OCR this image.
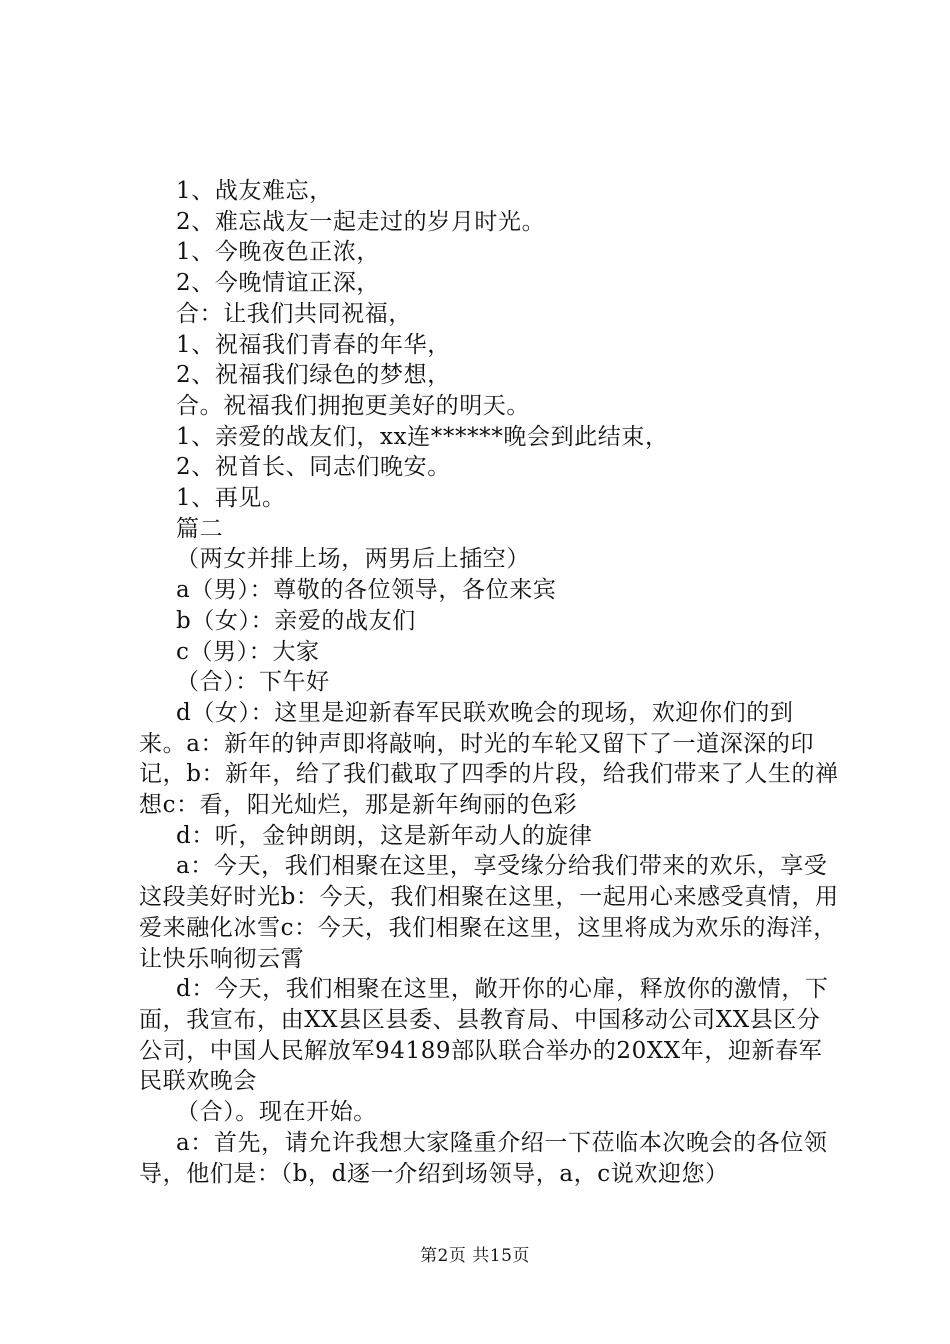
1、战友难忘，
2、难忘战友一起走过的岁月时光。
1、今晚夜色正浓，
2、今晚情谊正深，
合：让我们共同祝福，
1、祝福我们青春的年华，
2、祝福我们绿色的梦想，
合。祝福我们拥抱更美好的明天。
1、亲爱的战友们，xx连******晚会到此结束，
2、祝首长、同志们晚安。
1、再见。
篇二
（两女并排上场，两男后上插空）
a（男）：尊敬的各位领导，各位来宾
b（女）：亲爱的战友们
c（男）：大家
（合）：下午好
d（女）：这里是迎新春军民联欢晚会的现场，欢迎你们的到来。a：新年的钟声即将敲响，时光的车轮又留下了一道深深的印记，b：新年，给了我们截取了四季的片段，给我们带来了人生的禅想c：看，阳光灿烂，那是新年绚丽的色彩
d：听，金钟朗朗，这是新年动人的旋律
a：今天，我们相聚在这里，享受缘分给我们带来的欢乐，享受这段美好时光b：今天，我们相聚在这里，一起用心来感受真情，用爱来融化冰雪c：今天，我们相聚在这里，这里将成为欢乐的海洋，让快乐响彻云霄
d：今天，我们相聚在这里，敞开你的心扉，释放你的激情，下面，我宣布，由XX县区县委、县教育局、中国移动公司XX县区分公司，中国人民解放军94189部队联合举办的20XX年，迎新春军民联欢晚会
（合）。现在开始。
a：首先，请允许我想大家隆重介绍一下莅临本次晚会的各位领导，他们是：（b，d逐一介绍到场领导，a，c说欢迎您）
第2页 共15页
